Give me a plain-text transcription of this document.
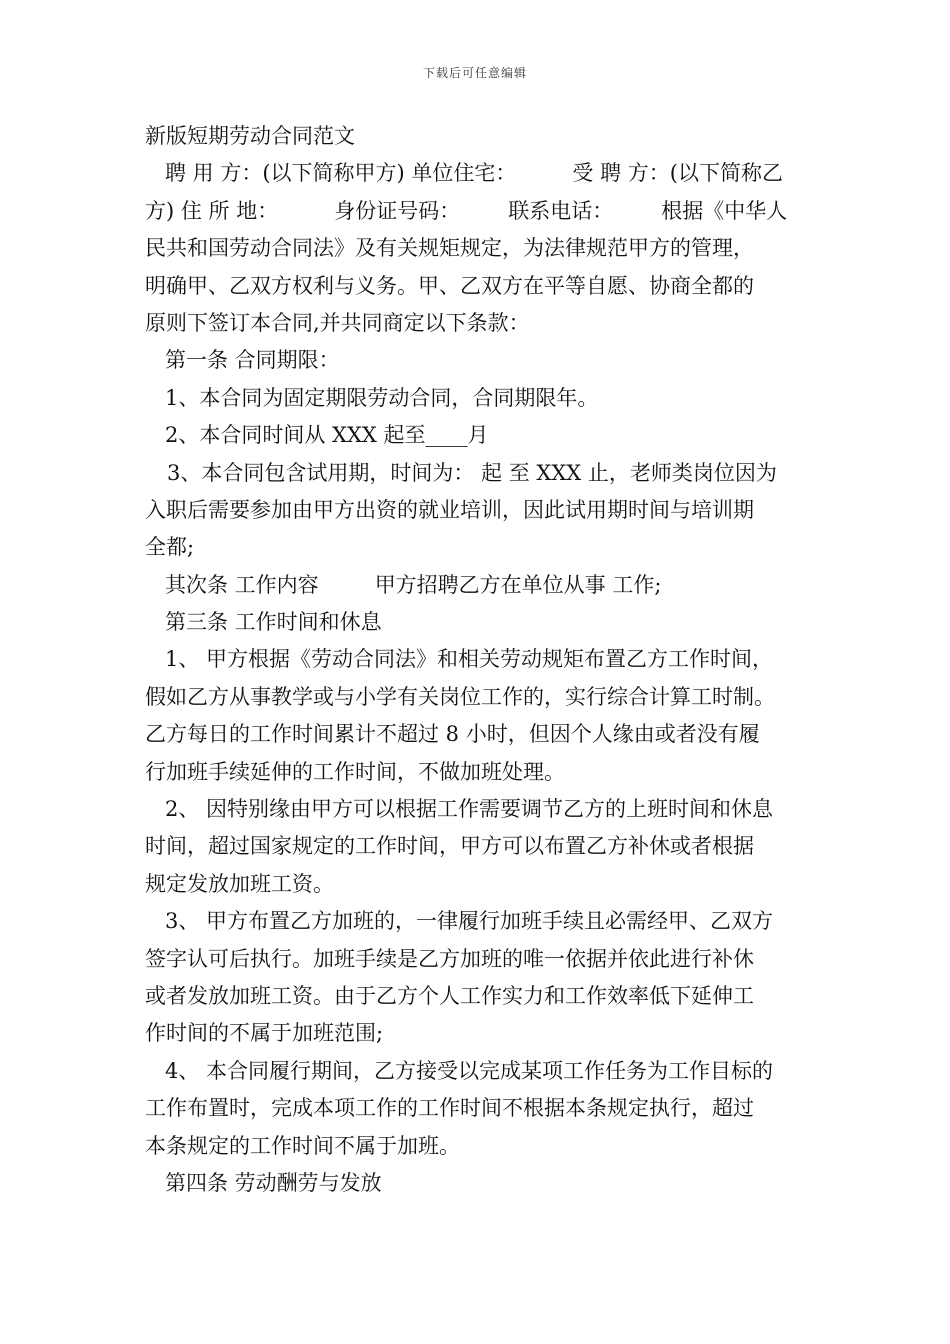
下载后可任意编辑
新版短期劳动合同范文
聘 用 方：(以下简称甲方) 单位住宅：	受 聘 方：(以下简称乙
方) 住 所 地：	身份证号码： 联系电话： 根据《中华人
民共和国劳动合同法》及有关规矩规定，为法律规范甲方的管理，
明确甲、乙双方权利与义务。甲、乙双方在平等自愿、协商全都的
原则下签订本合同,并共同商定以下条款：
第一条 合同期限：
1、本合同为固定期限劳动合同，合同期限年。
2、本合同时间从 XXX 起至____月
3、本合同包含试用期，时间为： 起 至 XXX 止，老师类岗位因为
入职后需要参加由甲方出资的就业培训，因此试用期时间与培训期
全都;
其次条 工作内容	甲方招聘乙方在单位从事 工作;
第三条 工作时间和休息
1、 甲方根据《劳动合同法》和相关劳动规矩布置乙方工作时间，
假如乙方从事教学或与小学有关岗位工作的，实行综合计算工时制。
乙方每日的工作时间累计不超过 8 小时，但因个人缘由或者没有履
行加班手续延伸的工作时间，不做加班处理。
2、 因特别缘由甲方可以根据工作需要调节乙方的上班时间和休息
时间，超过国家规定的工作时间，甲方可以布置乙方补休或者根据
规定发放加班工资。
3、 甲方布置乙方加班的，一律履行加班手续且必需经甲、乙双方
签字认可后执行。加班手续是乙方加班的唯一依据并依此进行补休
或者发放加班工资。由于乙方个人工作实力和工作效率低下延伸工
作时间的不属于加班范围;
4、 本合同履行期间，乙方接受以完成某项工作任务为工作目标的
工作布置时，完成本项工作的工作时间不根据本条规定执行，超过
本条规定的工作时间不属于加班。
第四条 劳动酬劳与发放
